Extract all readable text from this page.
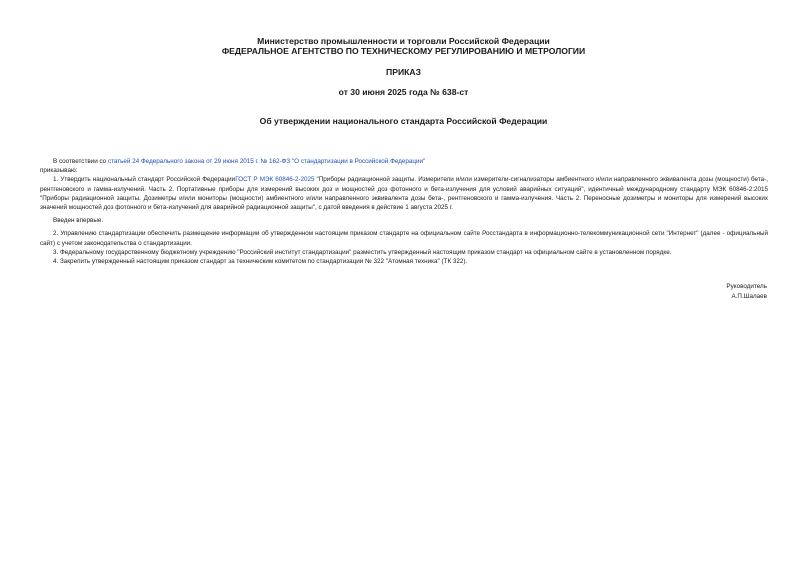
Министерство промышленности и торговли Российской Федерации
ФЕДЕРАЛЬНОЕ АГЕНТСТВО ПО ТЕХНИЧЕСКОМУ РЕГУЛИРОВАНИЮ И МЕТРОЛОГИИ
ПРИКАЗ
от 30 июня 2025 года № 638-ст
Об утверждении национального стандарта Российской Федерации

В соответствии со статьей 24 Федерального закона от 29 июня 2015 г. № 162-ФЗ "О стандартизации в Российской Федерации"

приказываю:

1. Утвердить национальный стандарт Российской ФедерацииГОСТ Р МЭК 60846-2-2025 "Приборы радиационной защиты. Измерители и/или измерители-сигнализаторы амбиентного и/или направленного эквивалента дозы (мощности) бета-, рентгеновского и гамма-излучений. Часть 2. Портативные приборы для измерений высоких доз и мощностей доз фотонного и бета-излучения для условий аварийных ситуаций", идентичный международному стандарту МЭК 60846-2:2015 "Приборы радиационной защиты. Дозиметры и/или мониторы (мощности) амбиентного и/или направленного эквивалента дозы бета-, рентгеновского и гамма-излучения. Часть 2. Переносные дозиметры и мониторы для измерений высоких значений мощностей доз фотонного и бета-излучений для аварийной радиационной защиты", с датой введения в действие 1 августа 2025 г.

Введен впервые.

2. Управлению стандартизации обеспечить размещение информации об утвержденном настоящим приказом стандарте на официальном сайте Росстандарта в информационно-телекоммуникационной сети "Интернет" (далее - официальный сайт) с учетом законодательства о стандартизации.

3. Федеральному государственному бюджетному учреждению "Российский институт стандартизации" разместить утвержденный настоящим приказом стандарт на официальном сайте в установленном порядке.

4. Закрепить утвержденный настоящим приказом стандарт за техническим комитетом по стандартизации № 322 "Атомная техника" (ТК 322).

Руководитель
А.П.Шалаев
